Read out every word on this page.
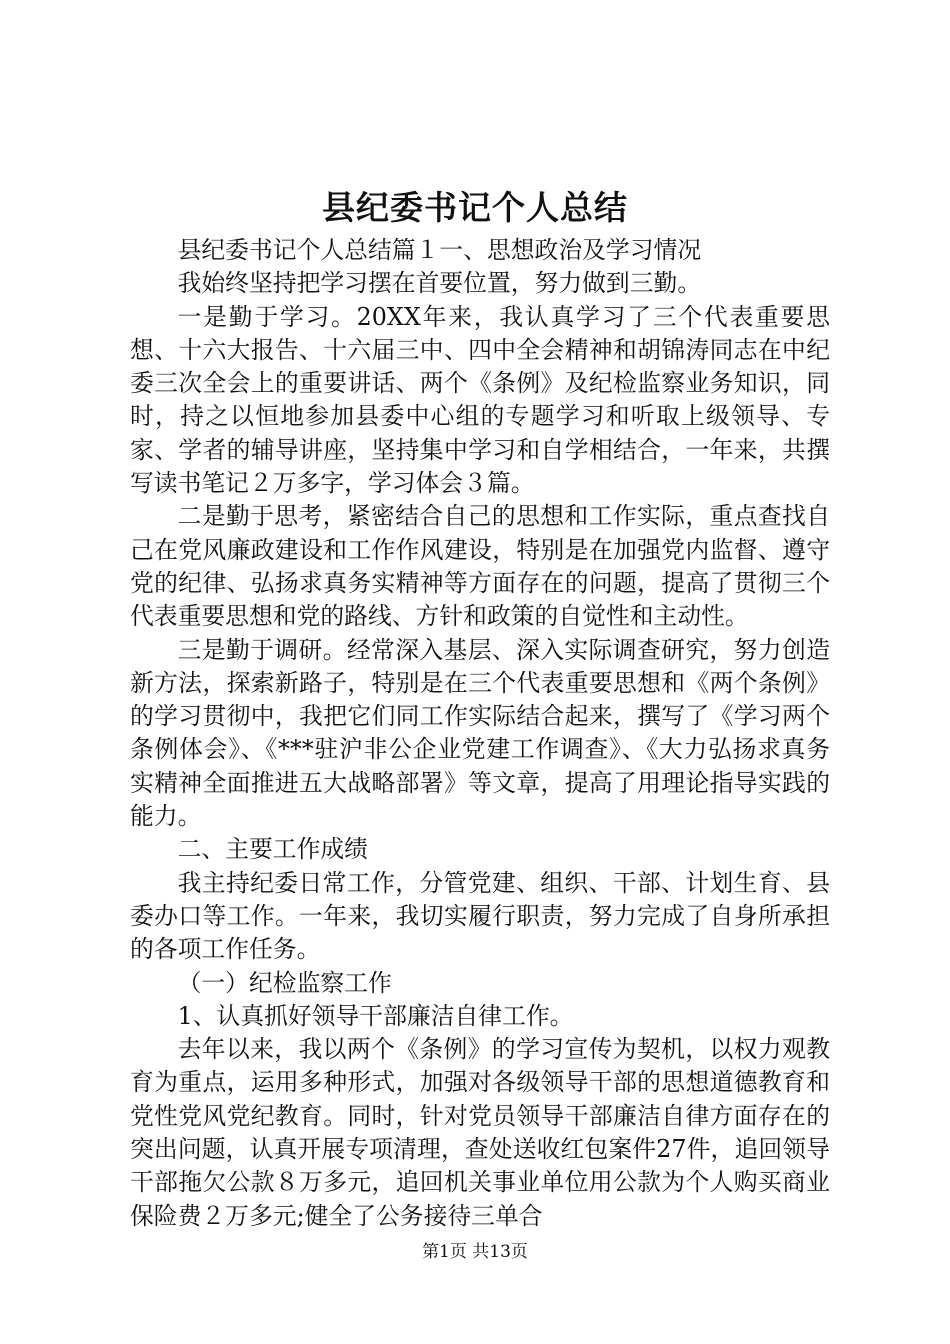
县纪委书记个人总结

县纪委书记个人总结篇１一、思想政治及学习情况

我始终坚持把学习摆在首要位置，努力做到三勤。

一是勤于学习。20XX年来，我认真学习了三个代表重要思想、十六大报告、十六届三中、四中全会精神和胡锦涛同志在中纪委三次全会上的重要讲话、两个《条例》及纪检监察业务知识，同时，持之以恒地参加县委中心组的专题学习和听取上级领导、专家、学者的辅导讲座，坚持集中学习和自学相结合，一年来，共撰写读书笔记２万多字，学习体会３篇。

二是勤于思考，紧密结合自己的思想和工作实际，重点查找自己在党风廉政建设和工作作风建设，特别是在加强党内监督、遵守党的纪律、弘扬求真务实精神等方面存在的问题，提高了贯彻三个代表重要思想和党的路线、方针和政策的自觉性和主动性。

三是勤于调研。经常深入基层、深入实际调查研究，努力创造新方法，探索新路子，特别是在三个代表重要思想和《两个条例》的学习贯彻中，我把它们同工作实际结合起来，撰写了《学习两个条例体会》、《***驻沪非公企业党建工作调查》、《大力弘扬求真务实精神全面推进五大战略部署》等文章，提高了用理论指导实践的能力。

二、主要工作成绩

我主持纪委日常工作，分管党建、组织、干部、计划生育、县委办口等工作。一年来，我切实履行职责，努力完成了自身所承担的各项工作任务。

（一）纪检监察工作

1、认真抓好领导干部廉洁自律工作。

去年以来，我以两个《条例》的学习宣传为契机，以权力观教育为重点，运用多种形式，加强对各级领导干部的思想道德教育和党性党风党纪教育。同时，针对党员领导干部廉洁自律方面存在的突出问题，认真开展专项清理，查处送收红包案件27件，追回领导干部拖欠公款８万多元，追回机关事业单位用公款为个人购买商业保险费２万多元;健全了公务接待三单合

第1页 共13页
